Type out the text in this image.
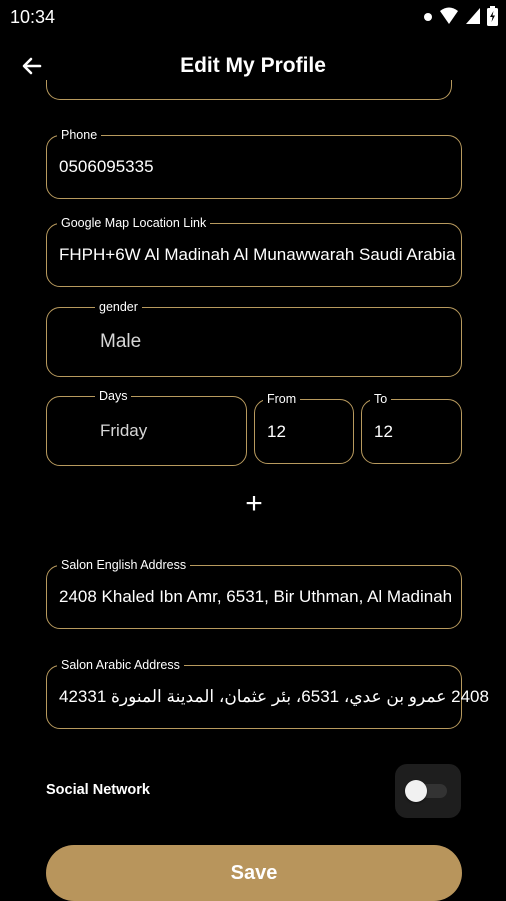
10:34
Edit My Profile
Phone
0506095335
Google Map Location Link
FHPH+6W Al Madinah Al Munawwarah Saudi Arabia
gender
Male
Days
Friday
From
12
To
12
+
Salon English Address
2408 Khaled Ibn Amr, 6531, Bir Uthman, Al Madinah
Salon Arabic Address
2408 عمرو بن عدي، 6531، بئر عثمان، المدينة المنورة 42331
Social Network
Save
